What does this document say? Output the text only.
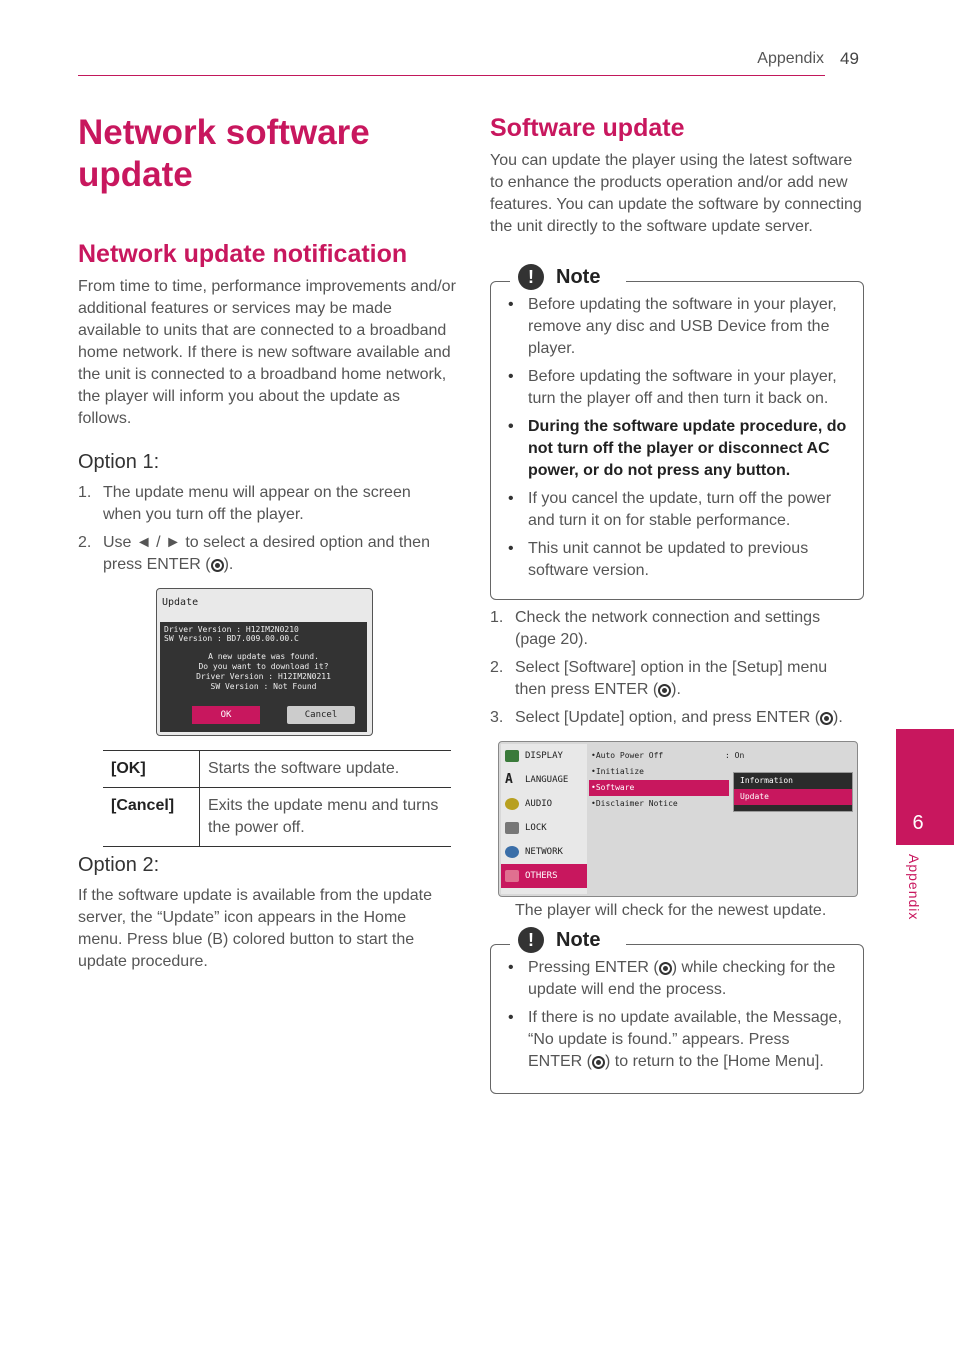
Appendix 49
6
Appendix
Network software update
Network update notification
From time to time, performance improvements and/or additional features or services may be made available to units that are connected to a broadband home network. If there is new software available and the unit is connected to a broadband home network, the player will inform you about the update as follows.
Option 1:
1. The update menu will appear on the screen when you turn off the player.
2. Use ◄ / ► to select a desired option and then press ENTER ( ).
Update
Driver Version : H12IM2N0210
SW Version : BD7.009.00.00.C
A new update was found.
Do you want to download it?
Driver Version : H12IM2N0211
SW Version : Not Found
OK	Cancel
[OK]	Starts the software update.
[Cancel]	Exits the update menu and turns the power off.
Option 2:
If the software update is available from the update server, the “Update” icon appears in the Home menu. Press blue (B) colored button to start the update procedure.
Software update
You can update the player using the latest software to enhance the products operation and/or add new features. You can update the software by connecting the unit directly to the software update server.
!	Note
• Before updating the software in your player, remove any disc and USB Device from the player.
• Before updating the software in your player, turn the player off and then turn it back on.
• During the software update procedure, do not turn off the player or disconnect AC power, or do not press any button.
• If you cancel the update, turn off the power and turn it on for stable performance.
• This unit cannot be updated to previous software version.
1. Check the network connection and settings (page 20).
2. Select [Software] option in the [Setup] menu then press ENTER ( ).
3. Select [Update] option, and press ENTER ( ).
DISPLAY
A	LANGUAGE
AUDIO
LOCK
NETWORK
OTHERS
•Auto Power Off	: On
•Initialize
•Software
•Disclaimer Notice
Information
Update
The player will check for the newest update.
!	Note
• Pressing ENTER ( ) while checking for the update will end the process.
• If there is no update available, the Message, “No update is found.” appears. Press ENTER ( ) to return to the [Home Menu].
